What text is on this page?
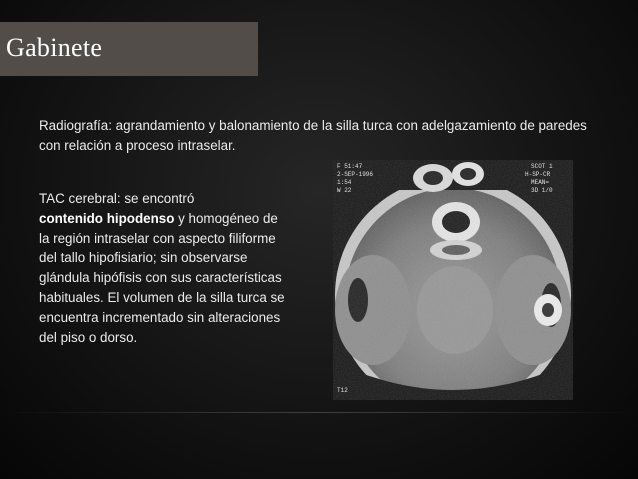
Gabinete
Radiografía: agrandamiento y balonamiento de la silla turca con adelgazamiento de paredes con relación a proceso intraselar.
TAC cerebral: se encontró
contenido hipodenso y homogéneo de la región intraselar con aspecto filiforme del tallo hipofisiario; sin observarse glándula hipófisis con sus características habituales. El volumen de la silla turca se encuentra incrementado sin alteraciones del piso o dorso.
F 51:47
2-SEP-1996
1:54
W 22
SCOT 1
H-SP-CR
MEAN=
3D 1/0
T12
